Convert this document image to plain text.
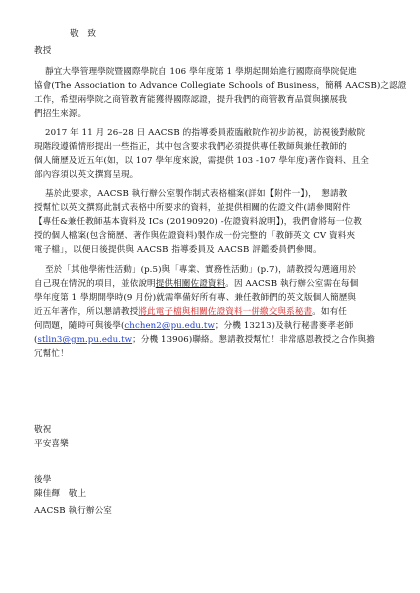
敬　致
教授
靜宜大學管理學院暨國際學院自 106 學年度第 1 學期起開始進行國際商學院促進
協會(The Association to Advance Collegiate Schools of Business，簡稱 AACSB)之認證
工作，希望兩學院之商管教育能獲得國際認證，提升我們的商管教育品質與擴展我
們招生來源。
2017 年 11 月 26–28 日 AACSB 的指導委員蒞臨敝院作初步訪視，訪視後對敝院
現階段遵循情形提出一些指正，其中包含要求我們必須提供專任教師與兼任教師的
個人簡歷及近五年(如，以 107 學年度來說，需提供 103 -107 學年度)著作資料、且全
部內容須以英文撰寫呈現。
基於此要求，AACSB 執行辦公室製作制式表格檔案(詳如【附件一】)，　懇請教
授幫忙以英文撰寫此制式表格中所要求的資料，並提供相關的佐證文件(請參閱附件
【專任&兼任教師基本資料及 ICs (20190920) -佐證資料說明】)，我們會將每一位教
授的個人檔案(包含簡歷、著作與佐證資料)製作成一份完整的「教師英文 CV 資料夾
電子檔」，以便日後提供與 AACSB 指導委員及 AACSB 評鑑委員們參閱。
至於「其他學術性活動」(p.5)與「專業、實務性活動」(p.7)，請教授勾選適用於
自己現在情況的項目，並依說明提供相關佐證資料。因 AACSB 執行辦公室需在每個
學年度第 1 學期開學時(9 月份)就需準備好所有專、兼任教師們的英文版個人簡歷與
近五年著作，所以懇請教授將此電子檔與相關佐證資料一併繳交與系秘書。如有任
何問題，隨時可與後學(chchen2@pu.edu.tw；分機 13213)及執行秘書麥孝老師
(stlin3@gm.pu.edu.tw；分機 13906)聯絡。懇請教授幫忙！非常感恩教授之合作與擔
冗幫忙！
敬祝
平安喜樂
後學
陳佳輝　敬上
AACSB 執行辦公室
